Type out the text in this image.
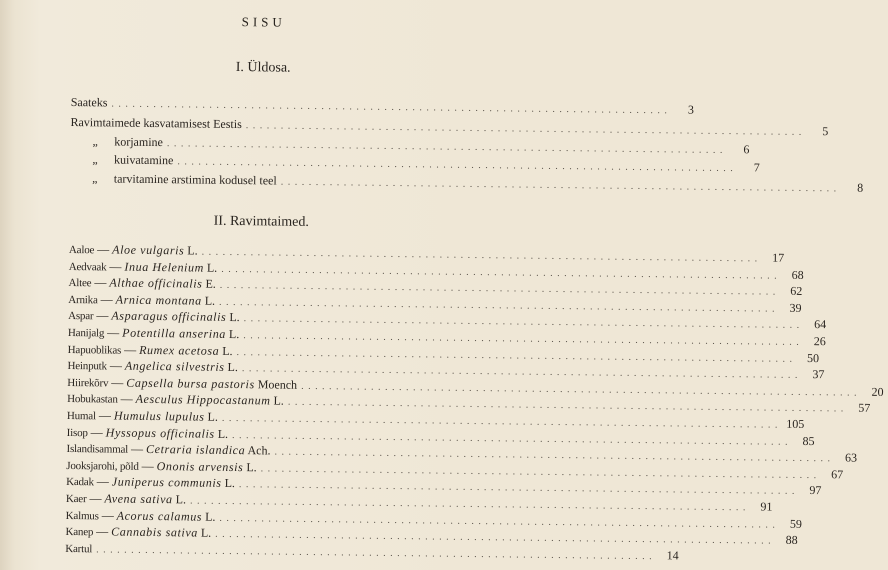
SISU
I. Üldosa.
Saateks . . . . . . . . . . . . . . . . . . . . . . . . . . . . . . . . . . . . . . . . . . . . . . . . . . . . . . . . . . . . . . . . . . . . . . . . . . . . . . . .	3
Ravimtaimede kasvatamisest Eestis . . . . . . . . . . . . . . . . . . . . . . . . . . . . . . . . . . . . . . . . . . . . . . . . . . . . . . . . . . . . . . . . . . . . . . . . . . . . . . . .	5
„ korjamine . . . . . . . . . . . . . . . . . . . . . . . . . . . . . . . . . . . . . . . . . . . . . . . . . . . . . . . . . . . . . . . . . . . . . . . . . . . . . . . .	6
„ kuivatamine . . . . . . . . . . . . . . . . . . . . . . . . . . . . . . . . . . . . . . . . . . . . . . . . . . . . . . . . . . . . . . . . . . . . . . . . . . . . . . . .	7
„ tarvitamine arstimina kodusel teel . . . . . . . . . . . . . . . . . . . . . . . . . . . . . . . . . . . . . . . . . . . . . . . . . . . . . . . . . . . . . . . . . . . . . . . . . . . . . . . .	8
II. Ravimtaimed.
Aaloe — Aloe vulgaris L. . . . . . . . . . . . . . . . . . . . . . . . . . . . . . . . . . . . . . . . . . . . . . . . . . . . . . . . . . . . . . . . . . . . . . . . . . . . . . . . .	17
Aedvaak — Inua Helenium L. . . . . . . . . . . . . . . . . . . . . . . . . . . . . . . . . . . . . . . . . . . . . . . . . . . . . . . . . . . . . . . . . . . . . . . . . . . . . . . . .	68
Altee — Althae officinalis E. . . . . . . . . . . . . . . . . . . . . . . . . . . . . . . . . . . . . . . . . . . . . . . . . . . . . . . . . . . . . . . . . . . . . . . . . . . . . . . . .	62
Arnika — Arnica montana L. . . . . . . . . . . . . . . . . . . . . . . . . . . . . . . . . . . . . . . . . . . . . . . . . . . . . . . . . . . . . . . . . . . . . . . . . . . . . . . . .	39
Aspar — Asparagus officinalis L. . . . . . . . . . . . . . . . . . . . . . . . . . . . . . . . . . . . . . . . . . . . . . . . . . . . . . . . . . . . . . . . . . . . . . . . . . . . . . . . .	64
Hanijalg — Potentilla anserina L. . . . . . . . . . . . . . . . . . . . . . . . . . . . . . . . . . . . . . . . . . . . . . . . . . . . . . . . . . . . . . . . . . . . . . . . . . . . . . . . .	26
Hapuoblikas — Rumex acetosa L. . . . . . . . . . . . . . . . . . . . . . . . . . . . . . . . . . . . . . . . . . . . . . . . . . . . . . . . . . . . . . . . . . . . . . . . . . . . . . . . .	50
Heinputk — Angelica silvestris L. . . . . . . . . . . . . . . . . . . . . . . . . . . . . . . . . . . . . . . . . . . . . . . . . . . . . . . . . . . . . . . . . . . . . . . . . . . . . . . . .	37
Hiirekõrv — Capsella bursa pastoris Moench . . . . . . . . . . . . . . . . . . . . . . . . . . . . . . . . . . . . . . . . . . . . . . . . . . . . . . . . . . . . . . . . . . . . . . . . . . . . . . . .	20
Hobukastan — Aesculus Hippocastanum L. . . . . . . . . . . . . . . . . . . . . . . . . . . . . . . . . . . . . . . . . . . . . . . . . . . . . . . . . . . . . . . . . . . . . . . . . . . . . . . . .	57
Humal — Humulus lupulus L. . . . . . . . . . . . . . . . . . . . . . . . . . . . . . . . . . . . . . . . . . . . . . . . . . . . . . . . . . . . . . . . . . . . . . . . . . . . . . . . . 105
Iisop — Hyssopus officinalis L. . . . . . . . . . . . . . . . . . . . . . . . . . . . . . . . . . . . . . . . . . . . . . . . . . . . . . . . . . . . . . . . . . . . . . . . . . . . . . . . .	85
Islandisammal — Cetraria islandica Ach. . . . . . . . . . . . . . . . . . . . . . . . . . . . . . . . . . . . . . . . . . . . . . . . . . . . . . . . . . . . . . . . . . . . . . . . . . . . . . . . .	63
Jooksjarohi, põld — Ononis arvensis L. . . . . . . . . . . . . . . . . . . . . . . . . . . . . . . . . . . . . . . . . . . . . . . . . . . . . . . . . . . . . . . . . . . . . . . . . . . . . . . . .	67
Kadak — Juniperus communis L. . . . . . . . . . . . . . . . . . . . . . . . . . . . . . . . . . . . . . . . . . . . . . . . . . . . . . . . . . . . . . . . . . . . . . . . . . . . . . . . .	97
Kaer — Avena sativa L. . . . . . . . . . . . . . . . . . . . . . . . . . . . . . . . . . . . . . . . . . . . . . . . . . . . . . . . . . . . . . . . . . . . . . . . . . . . . . . . .	91
Kalmus — Acorus calamus L. . . . . . . . . . . . . . . . . . . . . . . . . . . . . . . . . . . . . . . . . . . . . . . . . . . . . . . . . . . . . . . . . . . . . . . . . . . . . . . . .	59
Kanep — Cannabis sativa L. . . . . . . . . . . . . . . . . . . . . . . . . . . . . . . . . . . . . . . . . . . . . . . . . . . . . . . . . . . . . . . . . . . . . . . . . . . . . . . . .	88
Kartul . . . . . . . . . . . . . . . . . . . . . . . . . . . . . . . . . . . . . . . . . . . . . . . . . . . . . . . . . . . . . . . . . . . . . . . . . . . . . . . .	14
